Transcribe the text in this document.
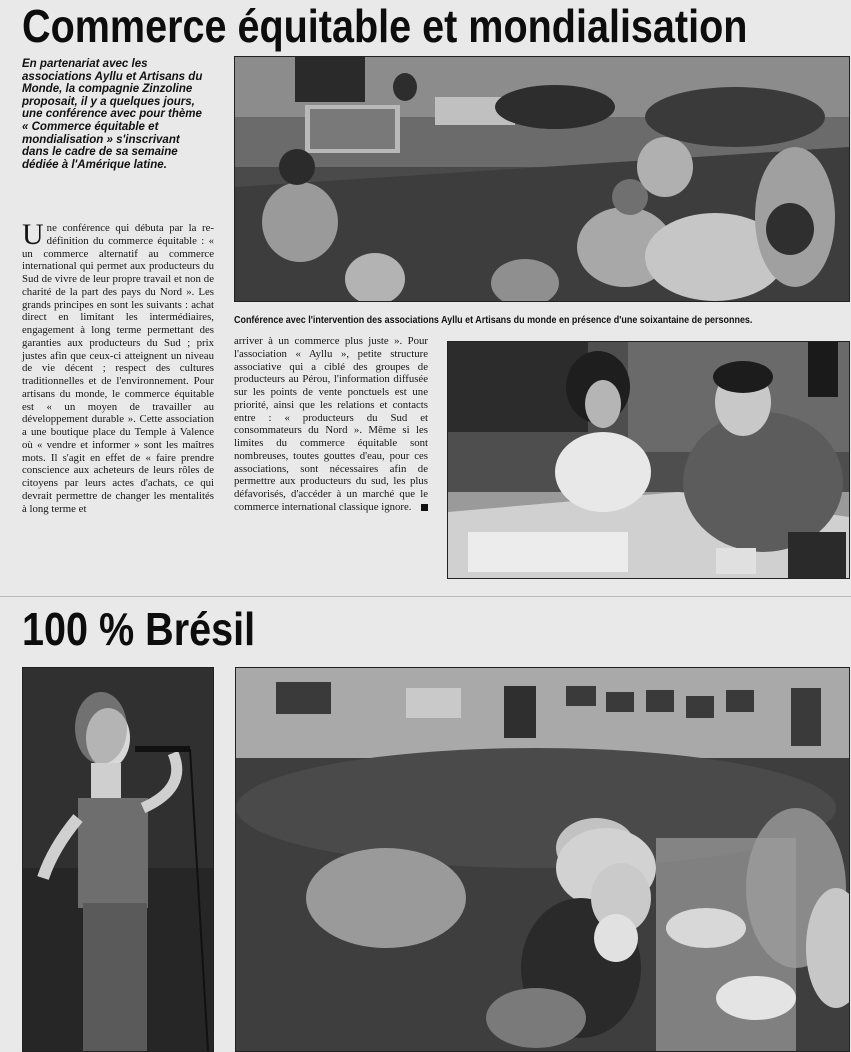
Commerce équitable et mondialisation
En partenariat avec les associations Ayllu et Artisans du Monde, la compagnie Zinzoline proposait, il y a quelques jours, une conférence avec pour thème « Commerce équitable et mondialisation » s'inscrivant dans le cadre de sa semaine dédiée à l'Amérique latine.
Conférence avec l'intervention des associations Ayllu et Artisans du monde en présence d'une soixantaine de personnes.
Une conférence qui débuta par la re-définition du commerce équitable : « un commerce alternatif au commerce international qui permet aux producteurs du Sud de vivre de leur propre travail et non de charité de la part des pays du Nord ». Les grands principes en sont les suivants : achat direct en limitant les intermédiaires, engagement à long terme permettant des garanties aux producteurs du Sud ; prix justes afin que ceux-ci atteignent un niveau de vie décent ; respect des cultures traditionnelles et de l'environnement. Pour artisans du monde, le commerce équitable est « un moyen de travailler au développement durable ». Cette association a une boutique place du Temple à Valence où « vendre et informer » sont les maîtres mots. Il s'agit en effet de « faire prendre conscience aux acheteurs de leurs rôles de citoyens par leurs actes d'achats, ce qui devrait permettre de changer les mentalités à long terme et
arriver à un commerce plus juste ». Pour l'association « Ayllu », petite structure associative qui a ciblé des groupes de producteurs au Pérou, l'information diffusée sur les points de vente ponctuels est une priorité, ainsi que les relations et contacts entre : « producteurs du Sud et consommateurs du Nord ». Même si les limites du commerce équitable sont nombreuses, toutes gouttes d'eau, pour ces associations, sont nécessaires afin de permettre aux producteurs du sud, les plus défavorisés, d'accéder à un marché que le commerce international classique ignore.
100 % Brésil
